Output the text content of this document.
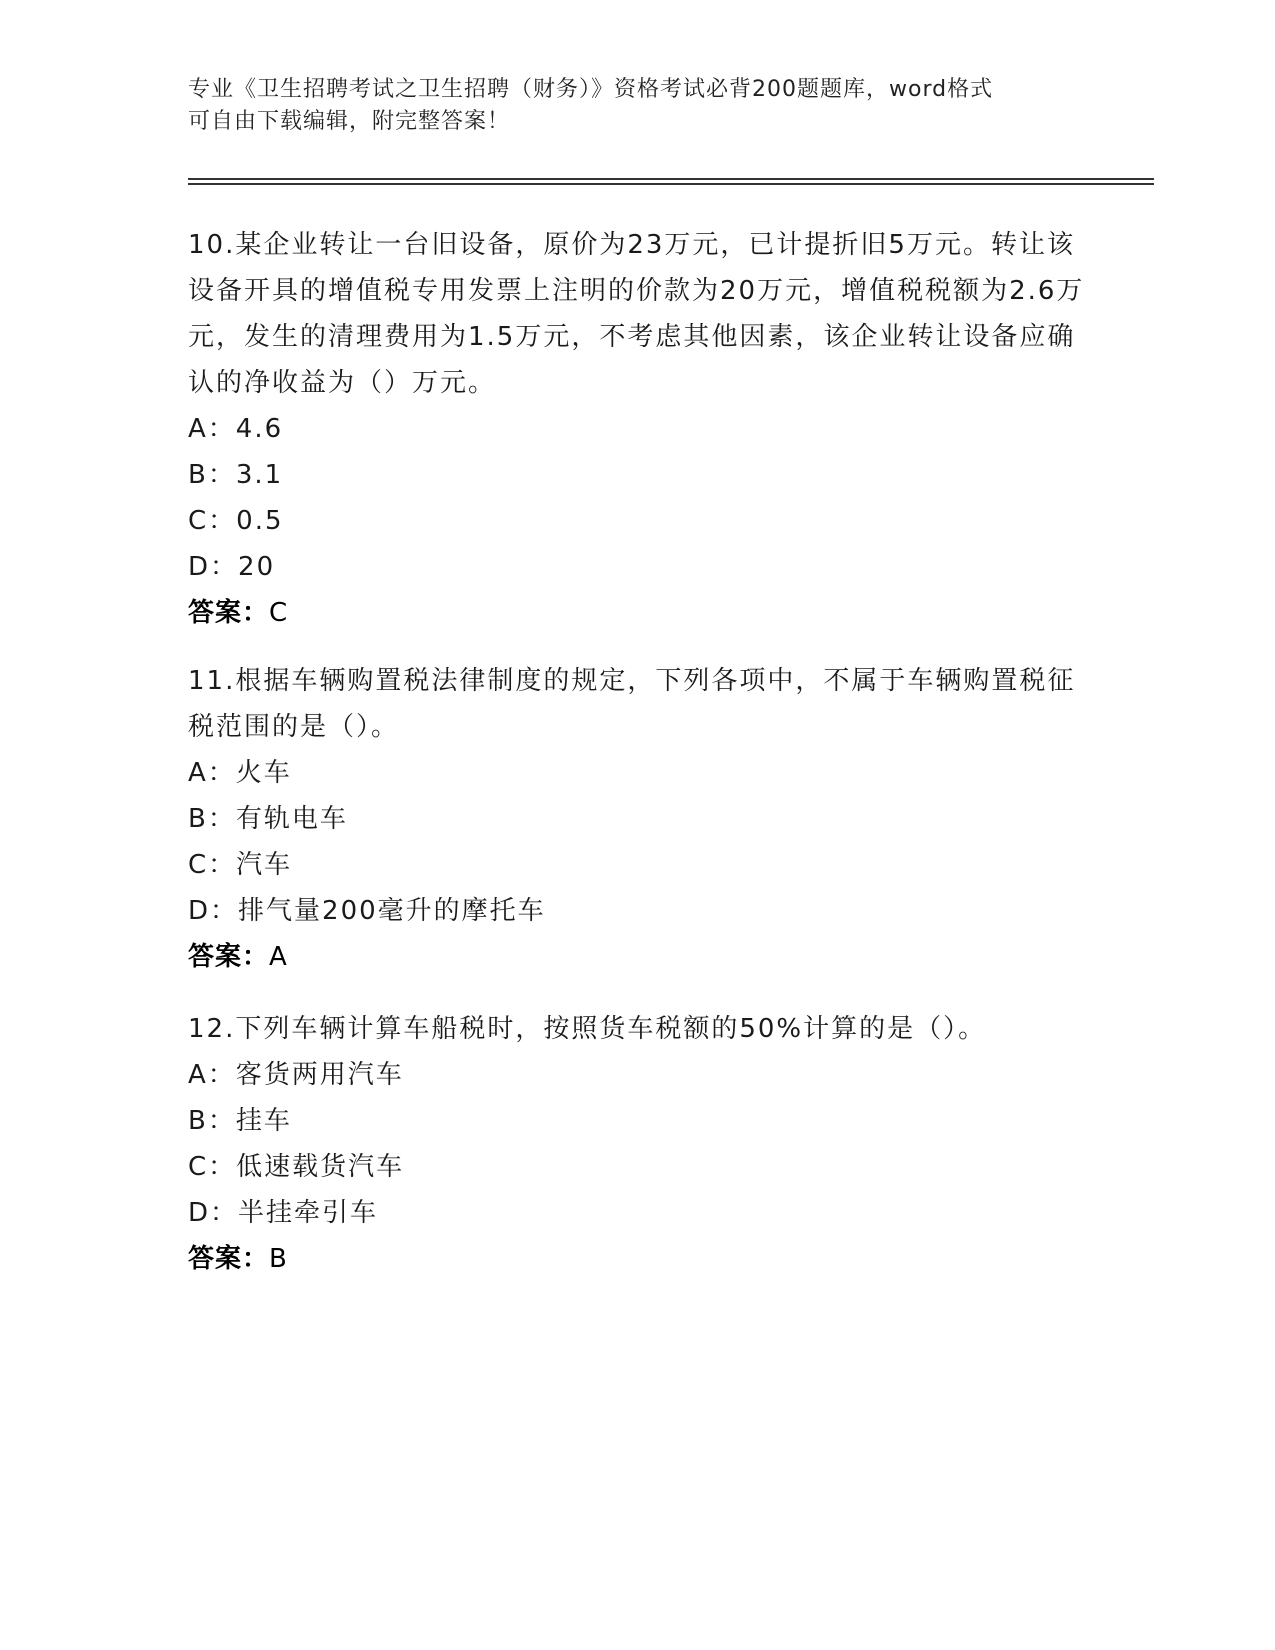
专业《卫生招聘考试之卫生招聘（财务）》资格考试必背200题题库，word格式
可自由下载编辑，附完整答案！

10.某企业转让一台旧设备，原价为23万元，已计提折旧5万元。转让该设备开具的增值税专用发票上注明的价款为20万元，增值税税额为2.6万元，发生的清理费用为1.5万元，不考虑其他因素，该企业转让设备应确认的净收益为（）万元。

A：4.6

B：3.1

C：0.5

D：20

答案：C

11.根据车辆购置税法律制度的规定，下列各项中，不属于车辆购置税征税范围的是（）。

A：火车

B：有轨电车

C：汽车

D：排气量200毫升的摩托车

答案：A

12.下列车辆计算车船税时，按照货车税额的50%计算的是（）。

A：客货两用汽车

B：挂车

C：低速载货汽车

D：半挂牵引车

答案：B
